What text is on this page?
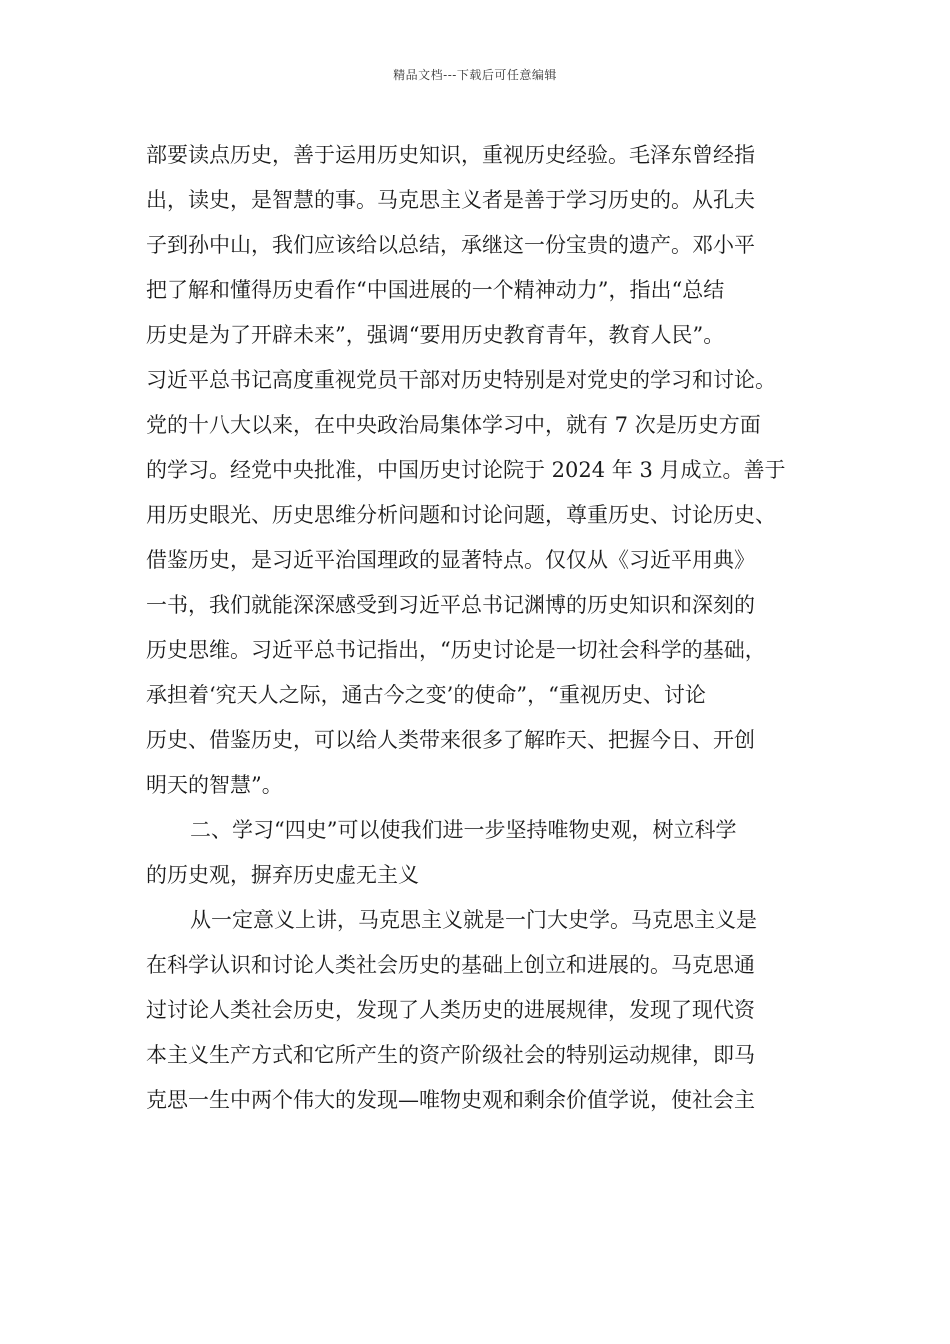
精品文档---下载后可任意编辑
部要读点历史，善于运用历史知识，重视历史经验。毛泽东曾经指
出，读史，是智慧的事。马克思主义者是善于学习历史的。从孔夫
子到孙中山，我们应该给以总结，承继这一份宝贵的遗产。邓小平
把了解和懂得历史看作“中国进展的一个精神动力”，指出“总结
历史是为了开辟未来”，强调“要用历史教育青年，教育人民”。
习近平总书记高度重视党员干部对历史特别是对党史的学习和讨论。
党的十八大以来，在中央政治局集体学习中，就有 7 次是历史方面
的学习。经党中央批准，中国历史讨论院于 2024 年 3 月成立。善于
用历史眼光、历史思维分析问题和讨论问题，尊重历史、讨论历史、
借鉴历史，是习近平治国理政的显著特点。仅仅从《习近平用典》
一书，我们就能深深感受到习近平总书记渊博的历史知识和深刻的
历史思维。习近平总书记指出，“历史讨论是一切社会科学的基础，
承担着‘究天人之际，通古今之变’的使命”，“重视历史、讨论
历史、借鉴历史，可以给人类带来很多了解昨天、把握今日、开创
明天的智慧”。
二、学习“四史”可以使我们进一步坚持唯物史观，树立科学
的历史观，摒弃历史虚无主义
从一定意义上讲，马克思主义就是一门大史学。马克思主义是
在科学认识和讨论人类社会历史的基础上创立和进展的。马克思通
过讨论人类社会历史，发现了人类历史的进展规律，发现了现代资
本主义生产方式和它所产生的资产阶级社会的特别运动规律，即马
克思一生中两个伟大的发现—唯物史观和剩余价值学说，使社会主
